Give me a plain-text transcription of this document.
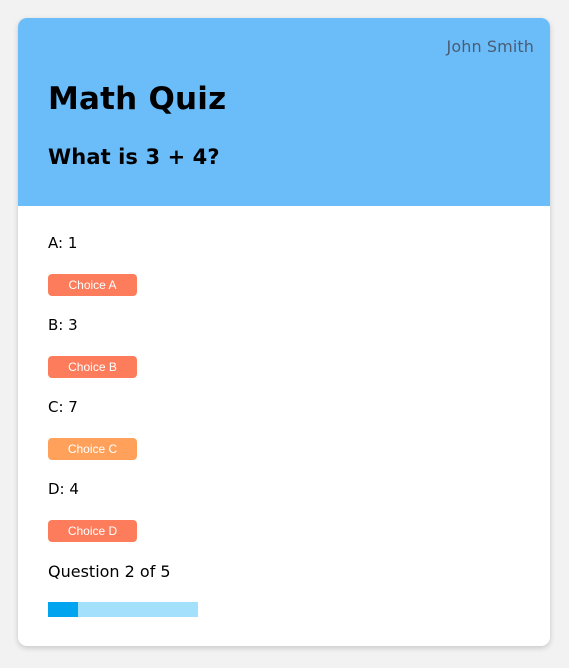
John Smith
Math Quiz
What is 3 + 4?
A: 1
Choice A
B: 3
Choice B
C: 7
Choice C
D: 4
Choice D
Question 2 of 5
